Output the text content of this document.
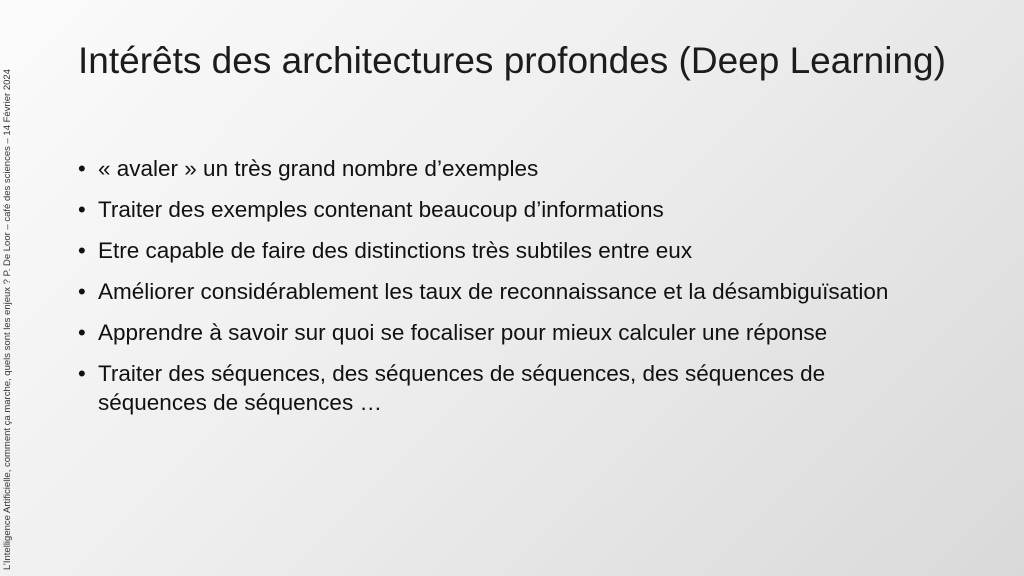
L’Intelligence Artificielle, comment ça marche, quels sont les enjeux ? P. De Loor – café des sciences – 14 Février 2024
Intérêts des architectures profondes (Deep Learning)
• « avaler » un très grand nombre d’exemples
• Traiter des exemples contenant beaucoup d’informations
• Etre capable de faire des distinctions très subtiles entre eux
• Améliorer considérablement les taux de reconnaissance et la désambiguïsation
• Apprendre à savoir sur quoi se focaliser pour mieux calculer une réponse
• Traiter des séquences, des séquences de séquences, des séquences de séquences de séquences …
